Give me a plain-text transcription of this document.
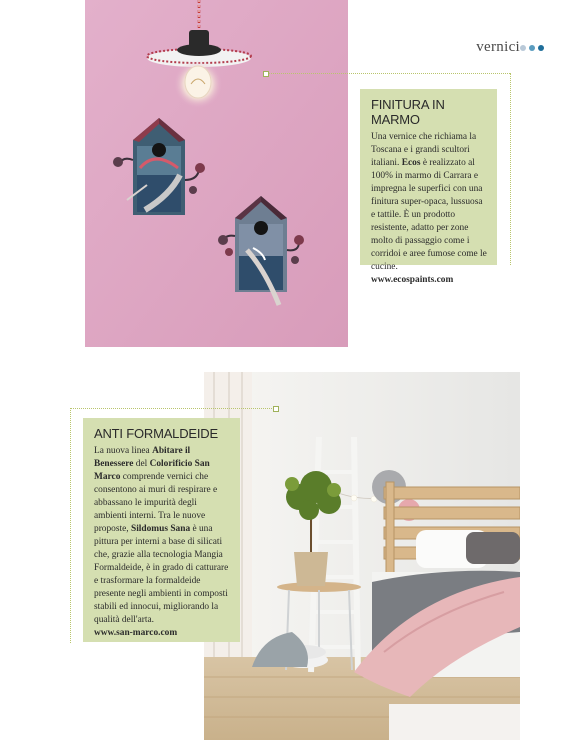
vernici
FINITURA IN MARMO

Una vernice che richiama la Toscana e i grandi scultori italiani. Ecos è realizzato al 100% in marmo di Carrara e impregna le superfici con una finitura super-opaca, lussuosa e tattile. È un prodotto resistente, adatto per zone molto di passaggio come i corridoi e aree fumose come le cucine.

www.ecospaints.com
ANTI FORMALDEIDE

La nuova linea Abitare il Benessere del Colorificio San Marco comprende vernici che consentono ai muri di respirare e abbassano le impurità degli ambienti interni. Tra le nuove proposte, Sildomus Sana è una pittura per interni a base di silicati che, grazie alla tecnologia Mangia Formaldeide, è in grado di catturare e trasformare la formaldeide presente negli ambienti in composti stabili ed innocui, migliorando la qualità dell'arta.

www.san-marco.com
